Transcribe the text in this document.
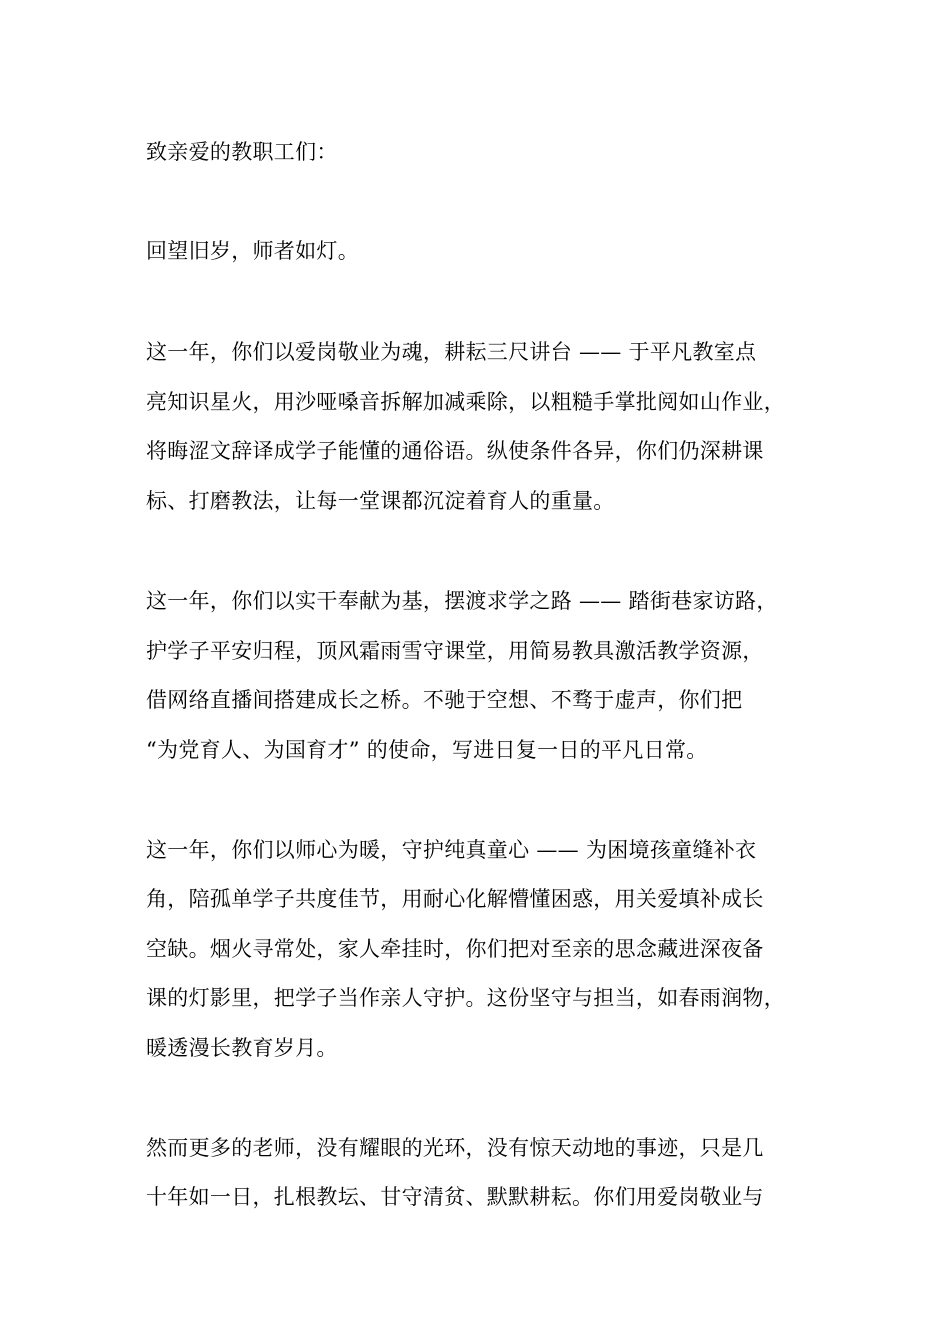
致亲爱的教职工们：
回望旧岁，师者如灯。
这一年，你们以爱岗敬业为魂，耕耘三尺讲台 —— 于平凡教室点
亮知识星火，用沙哑嗓音拆解加减乘除，以粗糙手掌批阅如山作业，
将晦涩文辞译成学子能懂的通俗语。纵使条件各异，你们仍深耕课
标、打磨教法，让每一堂课都沉淀着育人的重量。
这一年，你们以实干奉献为基，摆渡求学之路 —— 踏街巷家访路，
护学子平安归程，顶风霜雨雪守课堂，用简易教具激活教学资源，
借网络直播间搭建成长之桥。不驰于空想、不骛于虚声，你们把
“为党育人、为国育才” 的使命，写进日复一日的平凡日常。
这一年，你们以师心为暖，守护纯真童心 —— 为困境孩童缝补衣
角，陪孤单学子共度佳节，用耐心化解懵懂困惑，用关爱填补成长
空缺。烟火寻常处，家人牵挂时，你们把对至亲的思念藏进深夜备
课的灯影里，把学子当作亲人守护。这份坚守与担当，如春雨润物，
暖透漫长教育岁月。
然而更多的老师，没有耀眼的光环，没有惊天动地的事迹，只是几
十年如一日，扎根教坛、甘守清贫、默默耕耘。你们用爱岗敬业与
